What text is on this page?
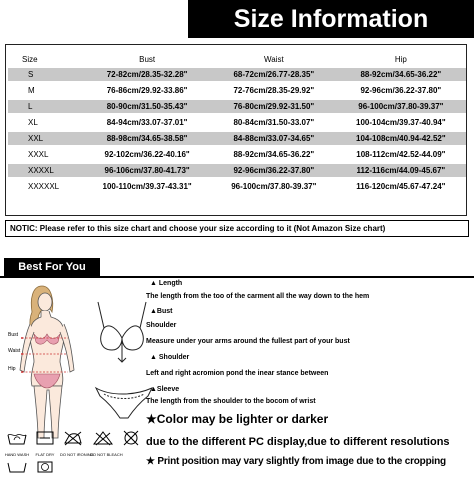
Size Information
Size	Bust	Waist	Hip
S	72-82cm/28.35-32.28"	68-72cm/26.77-28.35"	88-92cm/34.65-36.22"
M	76-86cm/29.92-33.86"	72-76cm/28.35-29.92"	92-96cm/36.22-37.80"
L	80-90cm/31.50-35.43"	76-80cm/29.92-31.50"	96-100cm/37.80-39.37"
XL	84-94cm/33.07-37.01"	80-84cm/31.50-33.07"	100-104cm/39.37-40.94"
XXL	88-98cm/34.65-38.58"	84-88cm/33.07-34.65"	104-108cm/40.94-42.52"
XXXL	92-102cm/36.22-40.16"	88-92cm/34.65-36.22"	108-112cm/42.52-44.09"
XXXXL	96-106cm/37.80-41.73"	92-96cm/36.22-37.80"	112-116cm/44.09-45.67"
XXXXXL	100-110cm/39.37-43.31"	96-100cm/37.80-39.37"	116-120cm/45.67-47.24"
NOTIC: Please refer to this size chart and choose your size according to it (Not Amazon Size chart)
Best For You
Bust
Waist
Hip
HAND WASH	FLAT DRY	DO NOT IRONING
DO NOT BLEACH
▲ Length
The length from the too of the carment all the way down to the hem
▲Bust
Shoulder
Measure under your arms around the fullest part of your bust
▲ Shoulder
Left and right acromion pond the inear stance between
▲Sleeve
The length from the shoulder to the bocom of wrist
★Color may be lighter or darker
due to the different PC display,due to different resolutions
★ Print position may vary slightly from image due to the cropping
